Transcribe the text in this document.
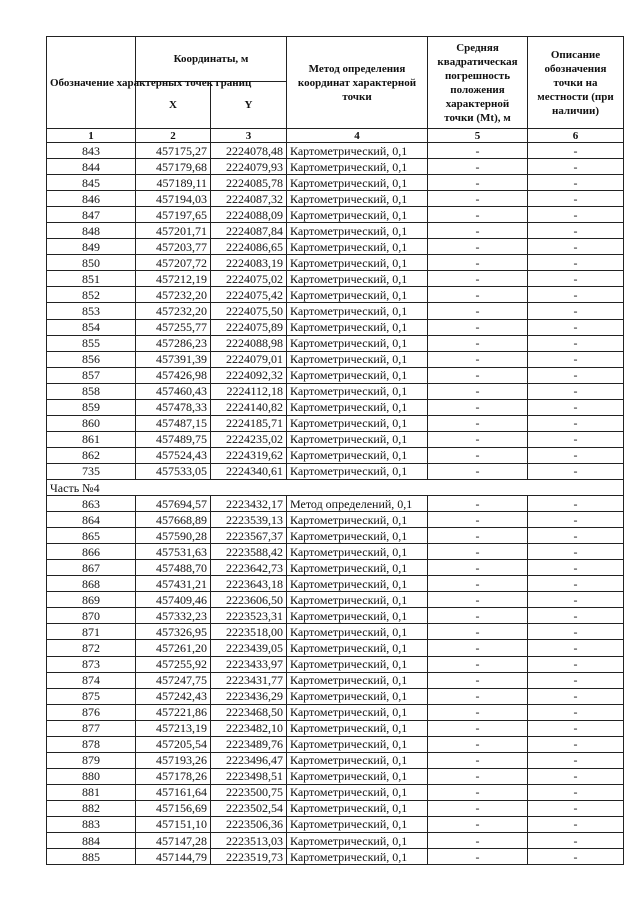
Обозначение характерных точек границ	Координаты, м		Метод определения координат характерной точки	Средняя квадратическая погрешность положения характерной точки (Mt), м	Описание обозначения точки на местности (при наличии)
	X	Y			
1	2	3	4	5	6
843	457175,27	2224078,48	Картометрический, 0,1	-	-
844	457179,68	2224079,93	Картометрический, 0,1	-	-
845	457189,11	2224085,78	Картометрический, 0,1	-	-
846	457194,03	2224087,32	Картометрический, 0,1	-	-
847	457197,65	2224088,09	Картометрический, 0,1	-	-
848	457201,71	2224087,84	Картометрический, 0,1	-	-
849	457203,77	2224086,65	Картометрический, 0,1	-	-
850	457207,72	2224083,19	Картометрический, 0,1	-	-
851	457212,19	2224075,02	Картометрический, 0,1	-	-
852	457232,20	2224075,42	Картометрический, 0,1	-	-
853	457232,20	2224075,50	Картометрический, 0,1	-	-
854	457255,77	2224075,89	Картометрический, 0,1	-	-
855	457286,23	2224088,98	Картометрический, 0,1	-	-
856	457391,39	2224079,01	Картометрический, 0,1	-	-
857	457426,98	2224092,32	Картометрический, 0,1	-	-
858	457460,43	2224112,18	Картометрический, 0,1	-	-
859	457478,33	2224140,82	Картометрический, 0,1	-	-
860	457487,15	2224185,71	Картометрический, 0,1	-	-
861	457489,75	2224235,02	Картометрический, 0,1	-	-
862	457524,43	2224319,62	Картометрический, 0,1	-	-
735	457533,05	2224340,61	Картометрический, 0,1	-	-
Часть №4					
863	457694,57	2223432,17	Метод определений, 0,1	-	-
864	457668,89	2223539,13	Картометрический, 0,1	-	-
865	457590,28	2223567,37	Картометрический, 0,1	-	-
866	457531,63	2223588,42	Картометрический, 0,1	-	-
867	457488,70	2223642,73	Картометрический, 0,1	-	-
868	457431,21	2223643,18	Картометрический, 0,1	-	-
869	457409,46	2223606,50	Картометрический, 0,1	-	-
870	457332,23	2223523,31	Картометрический, 0,1	-	-
871	457326,95	2223518,00	Картометрический, 0,1	-	-
872	457261,20	2223439,05	Картометрический, 0,1	-	-
873	457255,92	2223433,97	Картометрический, 0,1	-	-
874	457247,75	2223431,77	Картометрический, 0,1	-	-
875	457242,43	2223436,29	Картометрический, 0,1	-	-
876	457221,86	2223468,50	Картометрический, 0,1	-	-
877	457213,19	2223482,10	Картометрический, 0,1	-	-
878	457205,54	2223489,76	Картометрический, 0,1	-	-
879	457193,26	2223496,47	Картометрический, 0,1	-	-
880	457178,26	2223498,51	Картометрический, 0,1	-	-
881	457161,64	2223500,75	Картометрический, 0,1	-	-
882	457156,69	2223502,54	Картометрический, 0,1	-	-
883	457151,10	2223506,36	Картометрический, 0,1	-	-
884	457147,28	2223513,03	Картометрический, 0,1	-	-
885	457144,79	2223519,73	Картометрический, 0,1	-	-
